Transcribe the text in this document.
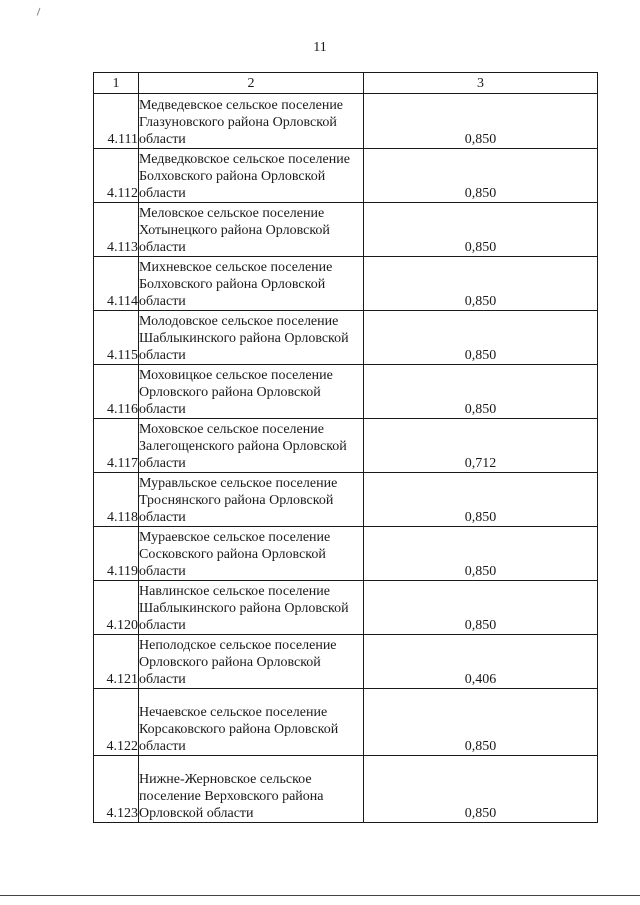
11
1	2	3
4.111	Медведевское сельское поселение Глазуновского района Орловской области	0,850
4.112	Медведковское сельское поселение Болховского района Орловской области	0,850
4.113	Меловское сельское поселение Хотынецкого района Орловской области	0,850
4.114	Михневское сельское поселение Болховского района Орловской области	0,850
4.115	Молодовское сельское поселение Шаблыкинского района Орловской области	0,850
4.116	Моховицкое сельское поселение Орловского района Орловской области	0,850
4.117	Моховское сельское поселение Залегощенского района Орловской области	0,712
4.118	Муравльское сельское поселение Троснянского района Орловской области	0,850
4.119	Мураевское сельское поселение Сосковского района Орловской области	0,850
4.120	Навлинское сельское поселение Шаблыкинского района Орловской области	0,850
4.121	Неполодское сельское поселение Орловского района Орловской области	0,406
4.122	Нечаевское сельское поселение Корсаковского района Орловской области	0,850
4.123	Нижне-Жерновское сельское поселение Верховского района Орловской области	0,850
